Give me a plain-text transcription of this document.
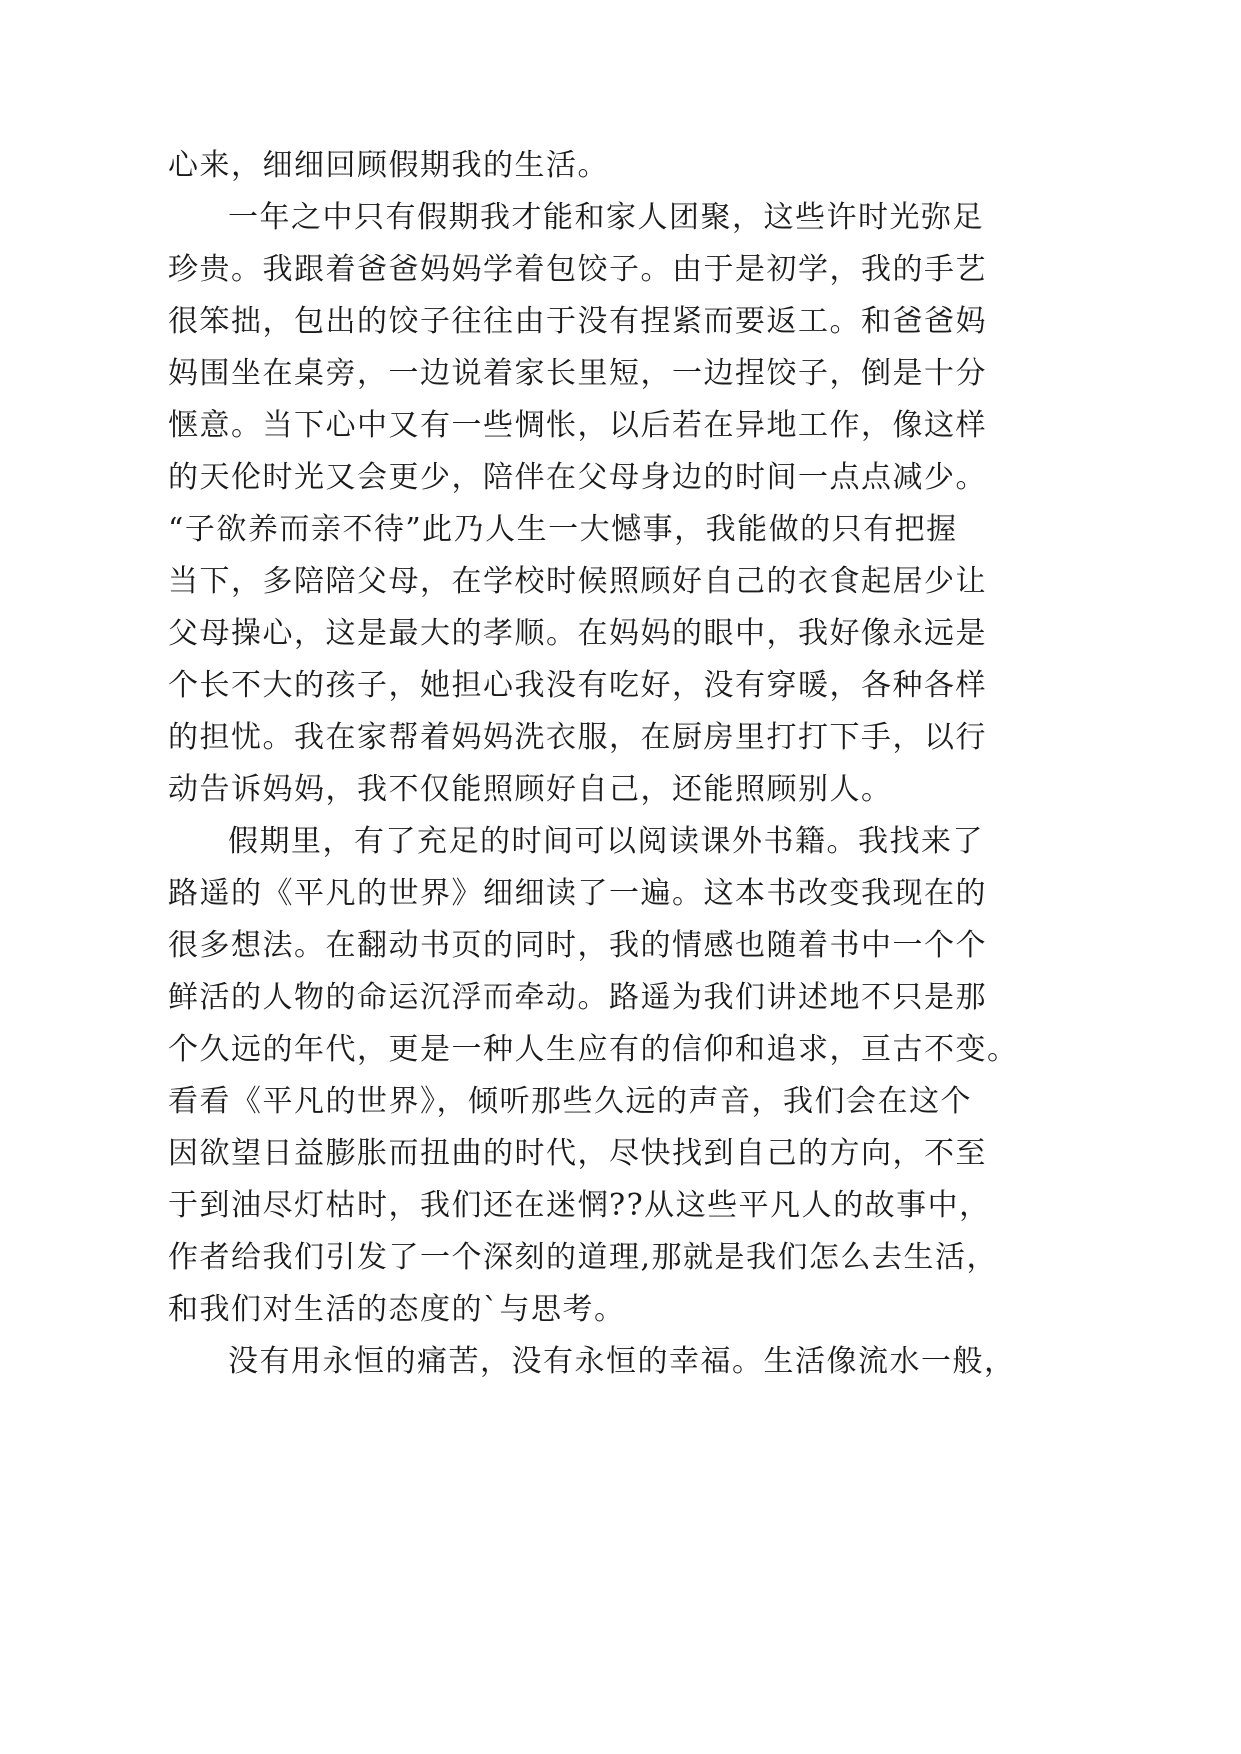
心来，细细回顾假期我的生活。
一年之中只有假期我才能和家人团聚，这些许时光弥足
珍贵。我跟着爸爸妈妈学着包饺子。由于是初学，我的手艺
很笨拙，包出的饺子往往由于没有捏紧而要返工。和爸爸妈
妈围坐在桌旁，一边说着家长里短，一边捏饺子，倒是十分
惬意。当下心中又有一些惆怅，以后若在异地工作，像这样
的天伦时光又会更少，陪伴在父母身边的时间一点点减少。
“子欲养而亲不待”此乃人生一大憾事，我能做的只有把握
当下，多陪陪父母，在学校时候照顾好自己的衣食起居少让
父母操心，这是最大的孝顺。在妈妈的眼中，我好像永远是
个长不大的孩子，她担心我没有吃好，没有穿暖，各种各样
的担忧。我在家帮着妈妈洗衣服，在厨房里打打下手，以行
动告诉妈妈，我不仅能照顾好自己，还能照顾别人。
假期里，有了充足的时间可以阅读课外书籍。我找来了
路遥的《平凡的世界》细细读了一遍。这本书改变我现在的
很多想法。在翻动书页的同时，我的情感也随着书中一个个
鲜活的人物的命运沉浮而牵动。路遥为我们讲述地不只是那
个久远的年代，更是一种人生应有的信仰和追求，亘古不变。
看看《平凡的世界》，倾听那些久远的声音，我们会在这个
因欲望日益膨胀而扭曲的时代，尽快找到自己的方向，不至
于到油尽灯枯时，我们还在迷惘??从这些平凡人的故事中，
作者给我们引发了一个深刻的道理,那就是我们怎么去生活，
和我们对生活的态度的`与思考。
没有用永恒的痛苦，没有永恒的幸福。生活像流水一般，
